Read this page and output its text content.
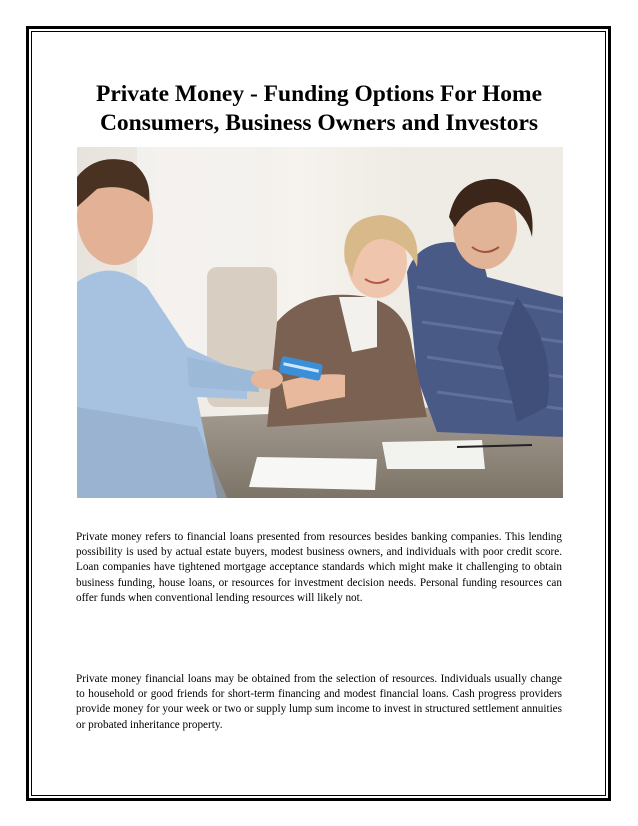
Private Money - Funding Options For Home
Consumers, Business Owners and Investors

Private money refers to financial loans presented from resources besides banking companies. This lending possibility is used by actual estate buyers, modest business owners, and individuals with poor credit score. Loan companies have tightened mortgage acceptance standards which might make it challenging to obtain business funding, house loans, or resources for investment decision needs. Personal funding resources can offer funds when conventional lending resources will likely not.

Private money financial loans may be obtained from the selection of resources. Individuals usually change to household or good friends for short-term financing and modest financial loans. Cash progress providers provide money for your week or two or supply lump sum income to invest in structured settlement annuities or probated inheritance property.
